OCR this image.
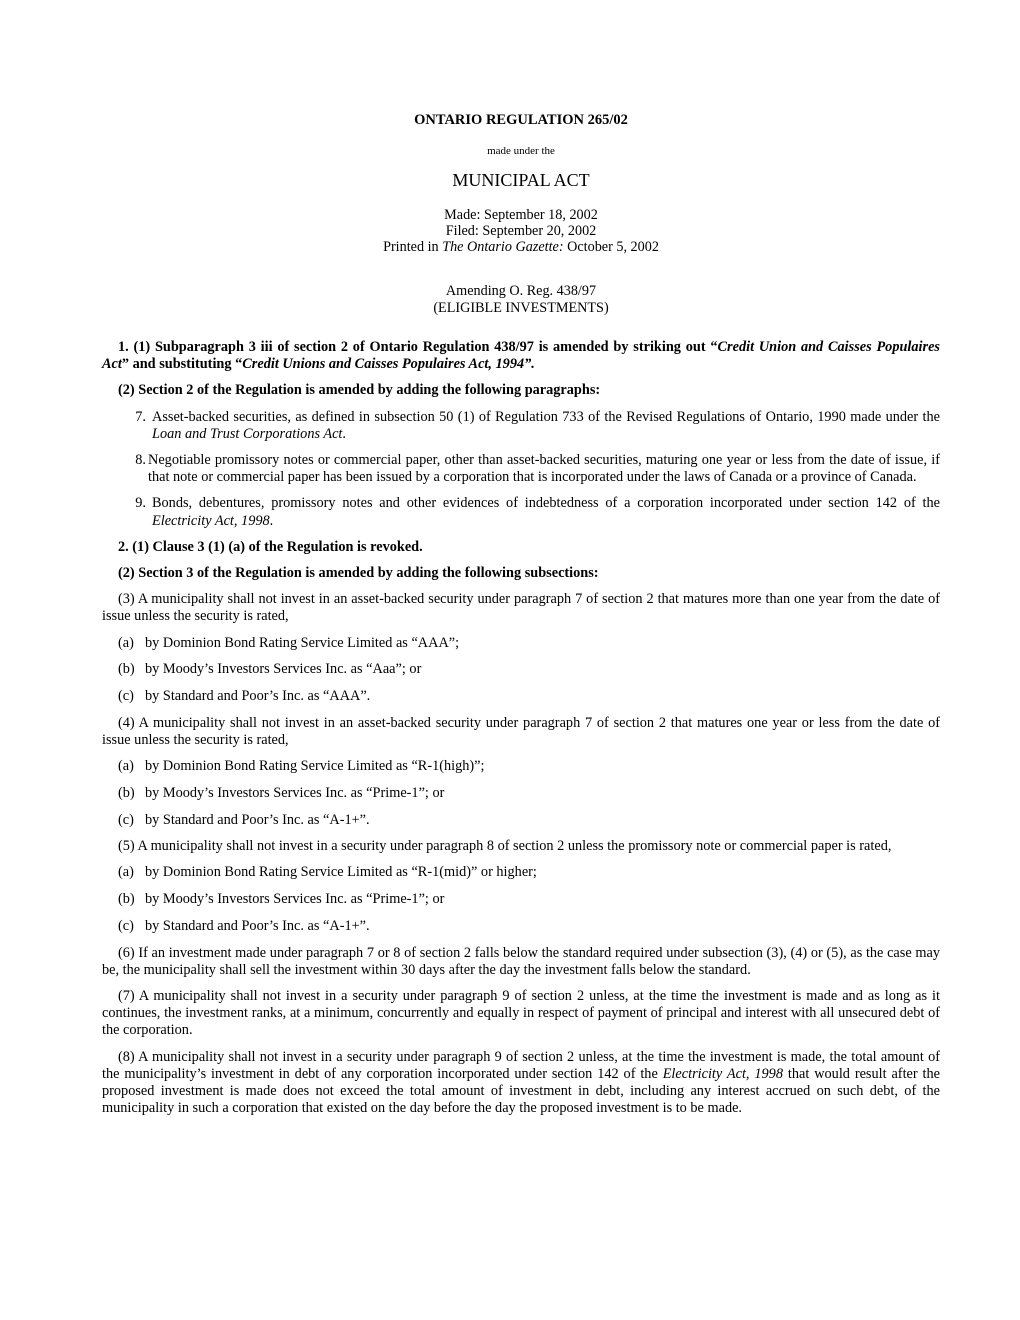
ONTARIO REGULATION 265/02
made under the
MUNICIPAL ACT
Made: September 18, 2002
Filed: September 20, 2002
Printed in The Ontario Gazette: October 5, 2002
Amending O. Reg. 438/97
(ELIGIBLE INVESTMENTS)

1. (1) Subparagraph 3 iii of section 2 of Ontario Regulation 438/97 is amended by striking out “Credit Union and Caisses Populaires Act” and substituting “Credit Unions and Caisses Populaires Act, 1994”.

(2) Section 2 of the Regulation is amended by adding the following paragraphs:

7. Asset-backed securities, as defined in subsection 50 (1) of Regulation 733 of the Revised Regulations of Ontario, 1990 made under the Loan and Trust Corporations Act.
8. Negotiable promissory notes or commercial paper, other than asset-backed securities, maturing one year or less from the date of issue, if that note or commercial paper has been issued by a corporation that is incorporated under the laws of Canada or a province of Canada.
9. Bonds, debentures, promissory notes and other evidences of indebtedness of a corporation incorporated under section 142 of the Electricity Act, 1998.

2. (1) Clause 3 (1) (a) of the Regulation is revoked.

(2) Section 3 of the Regulation is amended by adding the following subsections:

(3) A municipality shall not invest in an asset-backed security under paragraph 7 of section 2 that matures more than one year from the date of issue unless the security is rated,

(a) by Dominion Bond Rating Service Limited as “AAA”;
(b) by Moody’s Investors Services Inc. as “Aaa”; or
(c) by Standard and Poor’s Inc. as “AAA”.

(4) A municipality shall not invest in an asset-backed security under paragraph 7 of section 2 that matures one year or less from the date of issue unless the security is rated,

(a) by Dominion Bond Rating Service Limited as “R-1(high)”;
(b) by Moody’s Investors Services Inc. as “Prime-1”; or
(c) by Standard and Poor’s Inc. as “A-1+”.

(5) A municipality shall not invest in a security under paragraph 8 of section 2 unless the promissory note or commercial paper is rated,

(a) by Dominion Bond Rating Service Limited as “R-1(mid)” or higher;
(b) by Moody’s Investors Services Inc. as “Prime-1”; or
(c) by Standard and Poor’s Inc. as “A-1+”.

(6) If an investment made under paragraph 7 or 8 of section 2 falls below the standard required under subsection (3), (4) or (5), as the case may be, the municipality shall sell the investment within 30 days after the day the investment falls below the standard.

(7) A municipality shall not invest in a security under paragraph 9 of section 2 unless, at the time the investment is made and as long as it continues, the investment ranks, at a minimum, concurrently and equally in respect of payment of principal and interest with all unsecured debt of the corporation.

(8) A municipality shall not invest in a security under paragraph 9 of section 2 unless, at the time the investment is made, the total amount of the municipality’s investment in debt of any corporation incorporated under section 142 of the Electricity Act, 1998 that would result after the proposed investment is made does not exceed the total amount of investment in debt, including any interest accrued on such debt, of the municipality in such a corporation that existed on the day before the day the proposed investment is to be made.
